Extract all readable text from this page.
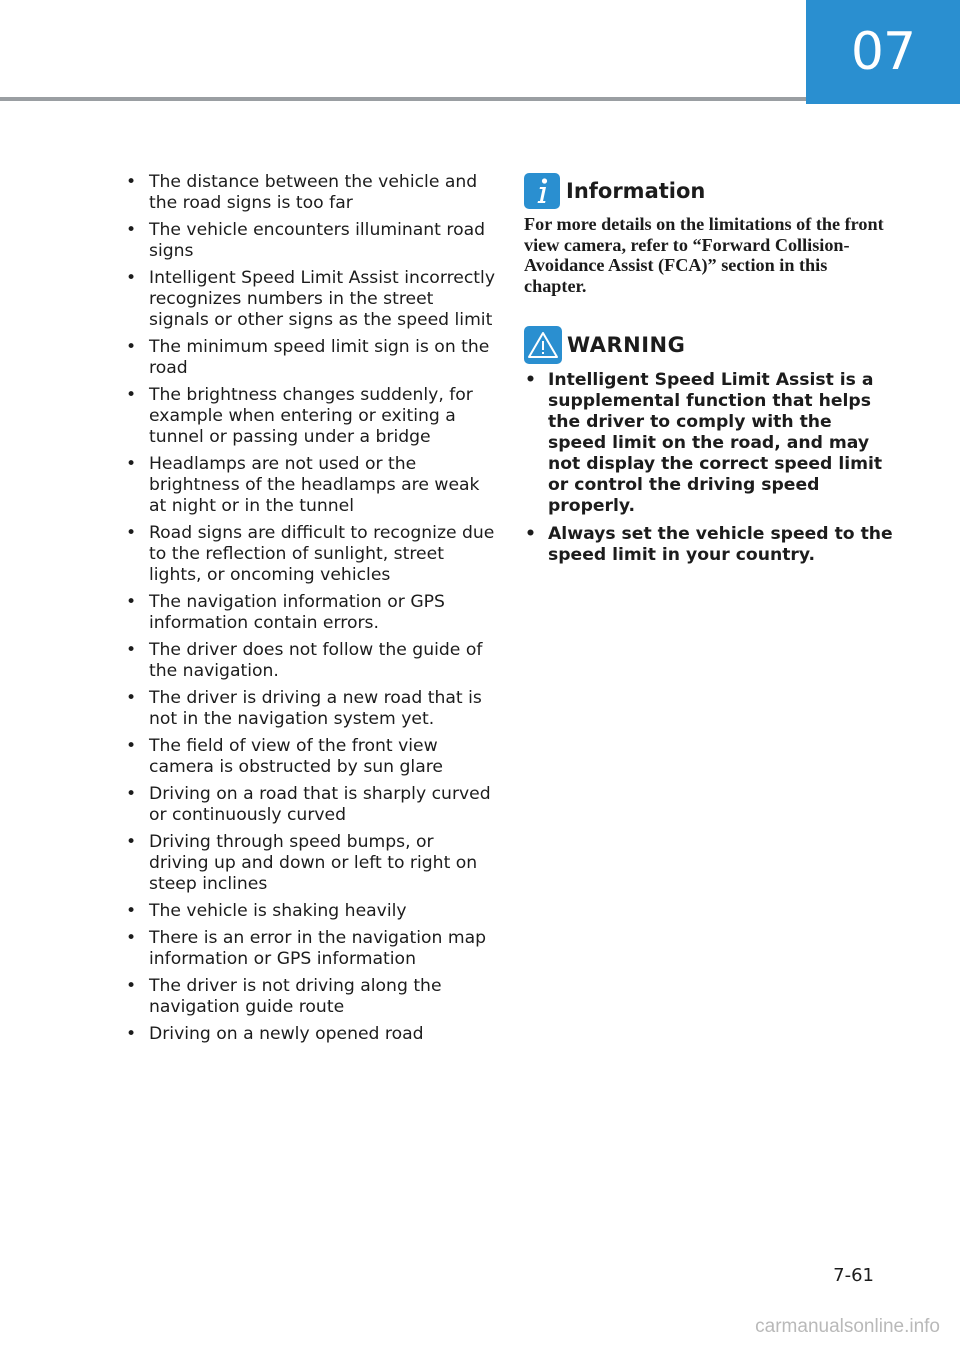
07
• The distance between the vehicle and the road signs is too far
• The vehicle encounters illuminant road signs
• Intelligent Speed Limit Assist incorrectly recognizes numbers in the street signals or other signs as the speed limit
• The minimum speed limit sign is on the road
• The brightness changes suddenly, for example when entering or exiting a tunnel or passing under a bridge
• Headlamps are not used or the brightness of the headlamps are weak at night or in the tunnel
• Road signs are difficult to recognize due to the reflection of sunlight, street lights, or oncoming vehicles
• The navigation information or GPS information contain errors.
• The driver does not follow the guide of the navigation.
• The driver is driving a new road that is not in the navigation system yet.
• The field of view of the front view camera is obstructed by sun glare
• Driving on a road that is sharply curved or continuously curved
• Driving through speed bumps, or driving up and down or left to right on steep inclines
• The vehicle is shaking heavily
• There is an error in the navigation map information or GPS information
• The driver is not driving along the navigation guide route
• Driving on a newly opened road
Information
For more details on the limitations of the front view camera, refer to “Forward Collision-Avoidance Assist (FCA)” section in this chapter.
WARNING
• Intelligent Speed Limit Assist is a supplemental function that helps the driver to comply with the speed limit on the road, and may not display the correct speed limit or control the driving speed properly.
• Always set the vehicle speed to the speed limit in your country.
7-61
carmanualsonline.info
